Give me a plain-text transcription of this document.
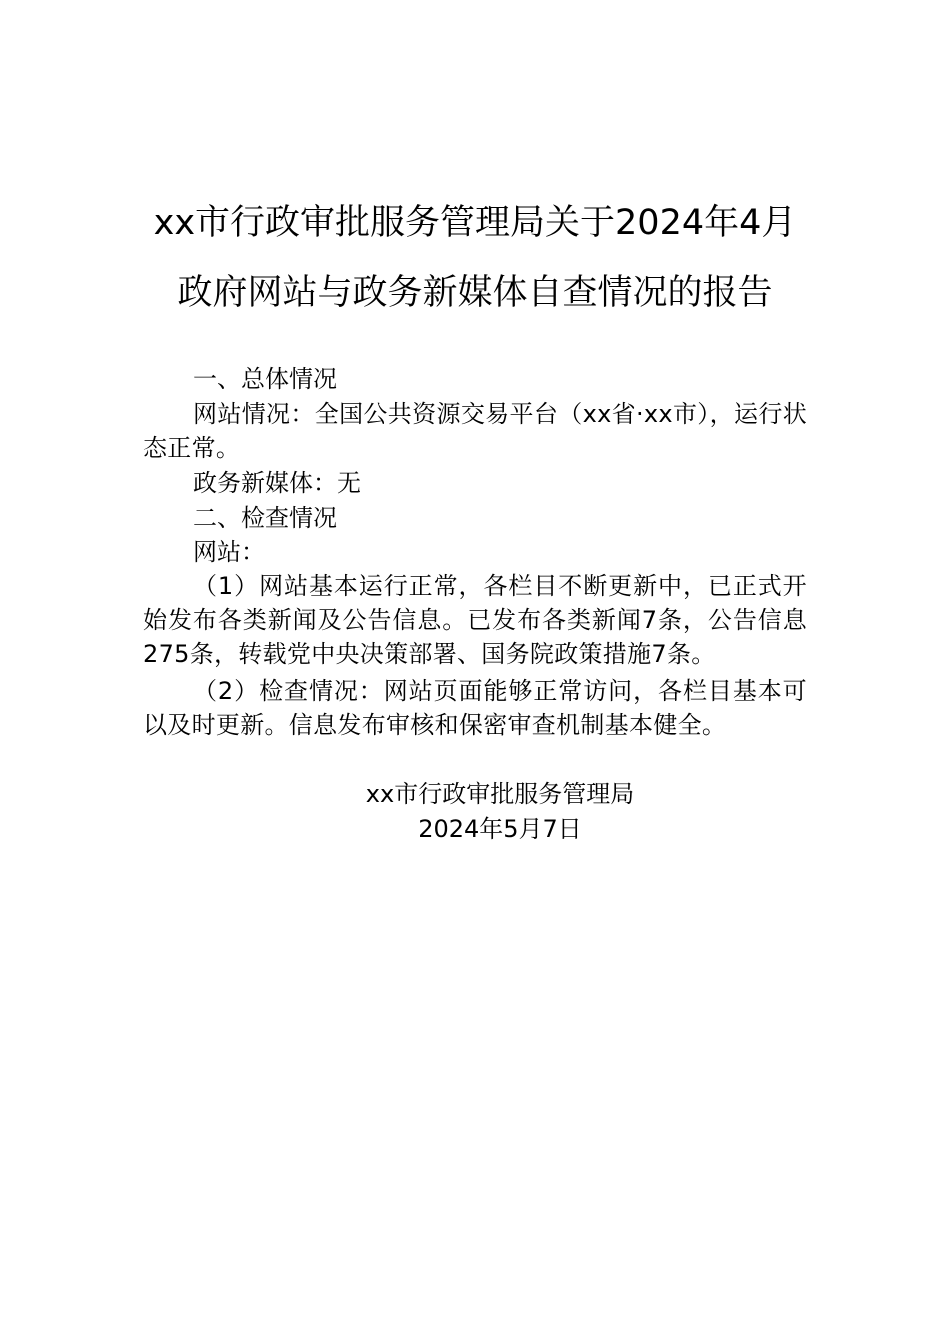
xx市行政审批服务管理局关于2024年4月
政府网站与政务新媒体自查情况的报告
一、总体情况
网站情况：全国公共资源交易平台（xx省·xx市），运行状态正常。
政务新媒体：无
二、检查情况
网站：
（1）网站基本运行正常，各栏目不断更新中，已正式开始发布各类新闻及公告信息。已发布各类新闻7条，公告信息275条，转载党中央决策部署、国务院政策措施7条。
（2）检查情况：网站页面能够正常访问，各栏目基本可以及时更新。信息发布审核和保密审查机制基本健全。
xx市行政审批服务管理局
2024年5月7日
